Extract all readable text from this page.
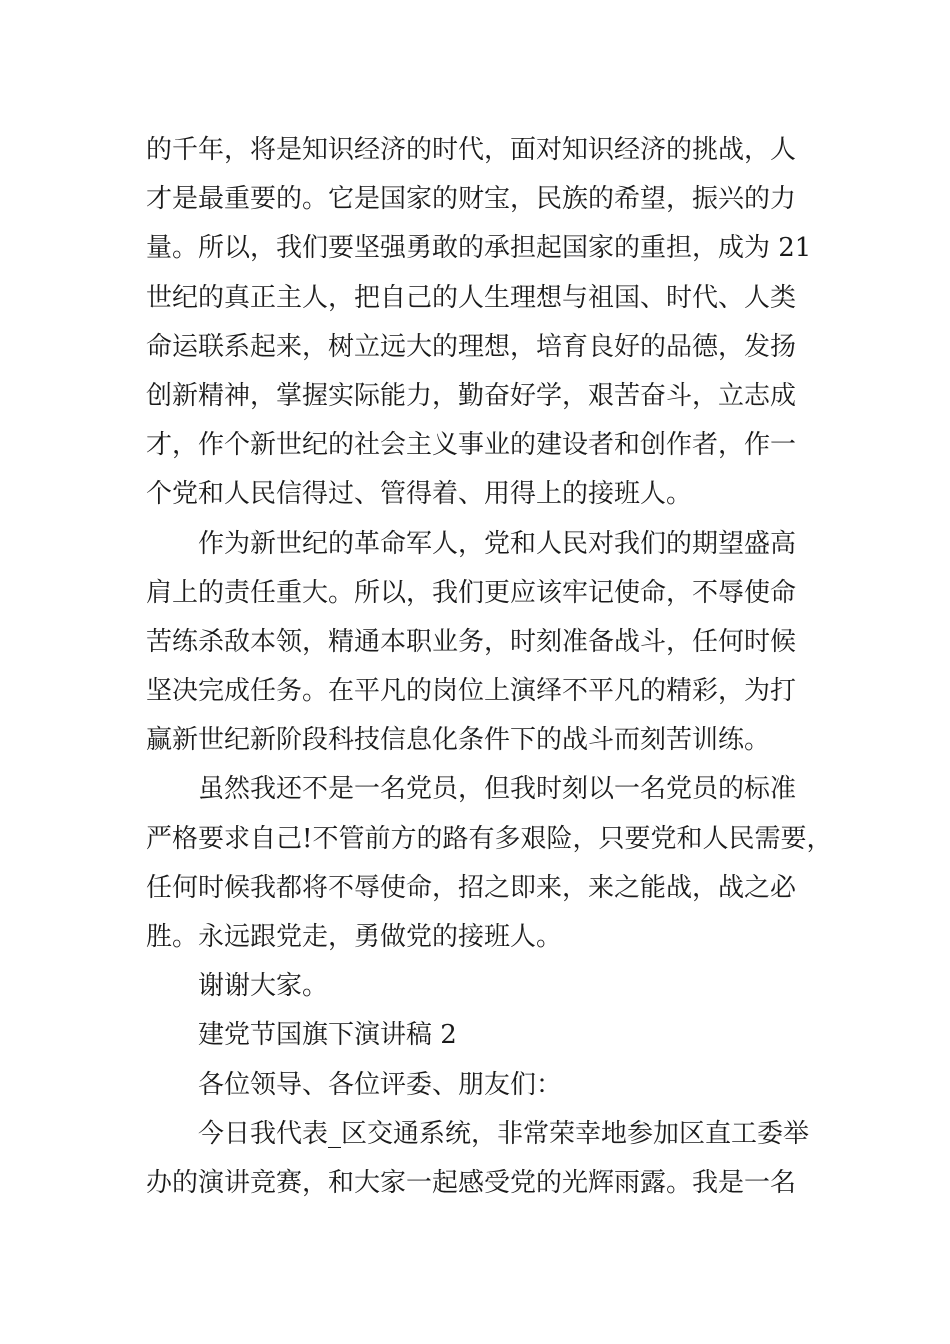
的千年，将是知识经济的时代，面对知识经济的挑战，人
才是最重要的。它是国家的财宝，民族的希望，振兴的力
量。所以，我们要坚强勇敢的承担起国家的重担，成为 21
世纪的真正主人，把自己的人生理想与祖国、时代、人类
命运联系起来，树立远大的理想，培育良好的品德，发扬
创新精神，掌握实际能力，勤奋好学，艰苦奋斗，立志成
才，作个新世纪的社会主义事业的建设者和创作者，作一
个党和人民信得过、管得着、用得上的接班人。
作为新世纪的革命军人，党和人民对我们的期望盛高
肩上的责任重大。所以，我们更应该牢记使命，不辱使命
苦练杀敌本领，精通本职业务，时刻准备战斗，任何时候
坚决完成任务。在平凡的岗位上演绎不平凡的精彩，为打
赢新世纪新阶段科技信息化条件下的战斗而刻苦训练。
虽然我还不是一名党员，但我时刻以一名党员的标准
严格要求自己!不管前方的路有多艰险，只要党和人民需要，
任何时候我都将不辱使命，招之即来，来之能战，战之必
胜。永远跟党走，勇做党的接班人。
谢谢大家。
建党节国旗下演讲稿 2
各位领导、各位评委、朋友们：
今日我代表_区交通系统，非常荣幸地参加区直工委举
办的演讲竞赛，和大家一起感受党的光辉雨露。我是一名
